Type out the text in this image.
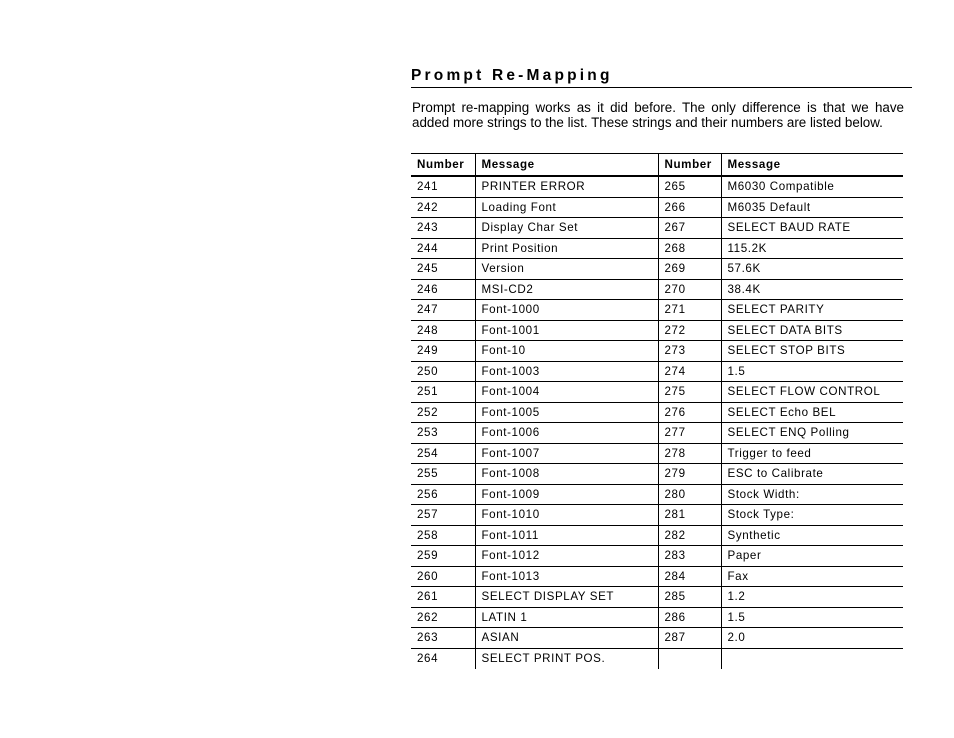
Prompt Re-Mapping

Prompt re-mapping works as it did before. The only difference is that we have added more strings to the list. These strings and their numbers are listed below.

Number	Message	Number	Message
241	PRINTER ERROR	265	M6030 Compatible
242	Loading Font	266	M6035 Default
243	Display Char Set	267	SELECT BAUD RATE
244	Print Position	268	115.2K
245	Version	269	57.6K
246	MSI-CD2	270	38.4K
247	Font-1000	271	SELECT PARITY
248	Font-1001	272	SELECT DATA BITS
249	Font-10	273	SELECT STOP BITS
250	Font-1003	274	1.5
251	Font-1004	275	SELECT FLOW CONTROL
252	Font-1005	276	SELECT Echo BEL
253	Font-1006	277	SELECT ENQ Polling
254	Font-1007	278	Trigger to feed
255	Font-1008	279	ESC to Calibrate
256	Font-1009	280	Stock Width:
257	Font-1010	281	Stock Type:
258	Font-1011	282	Synthetic
259	Font-1012	283	Paper
260	Font-1013	284	Fax
261	SELECT DISPLAY SET	285	1.2
262	LATIN 1	286	1.5
263	ASIAN	287	2.0
264	SELECT PRINT POS.		
